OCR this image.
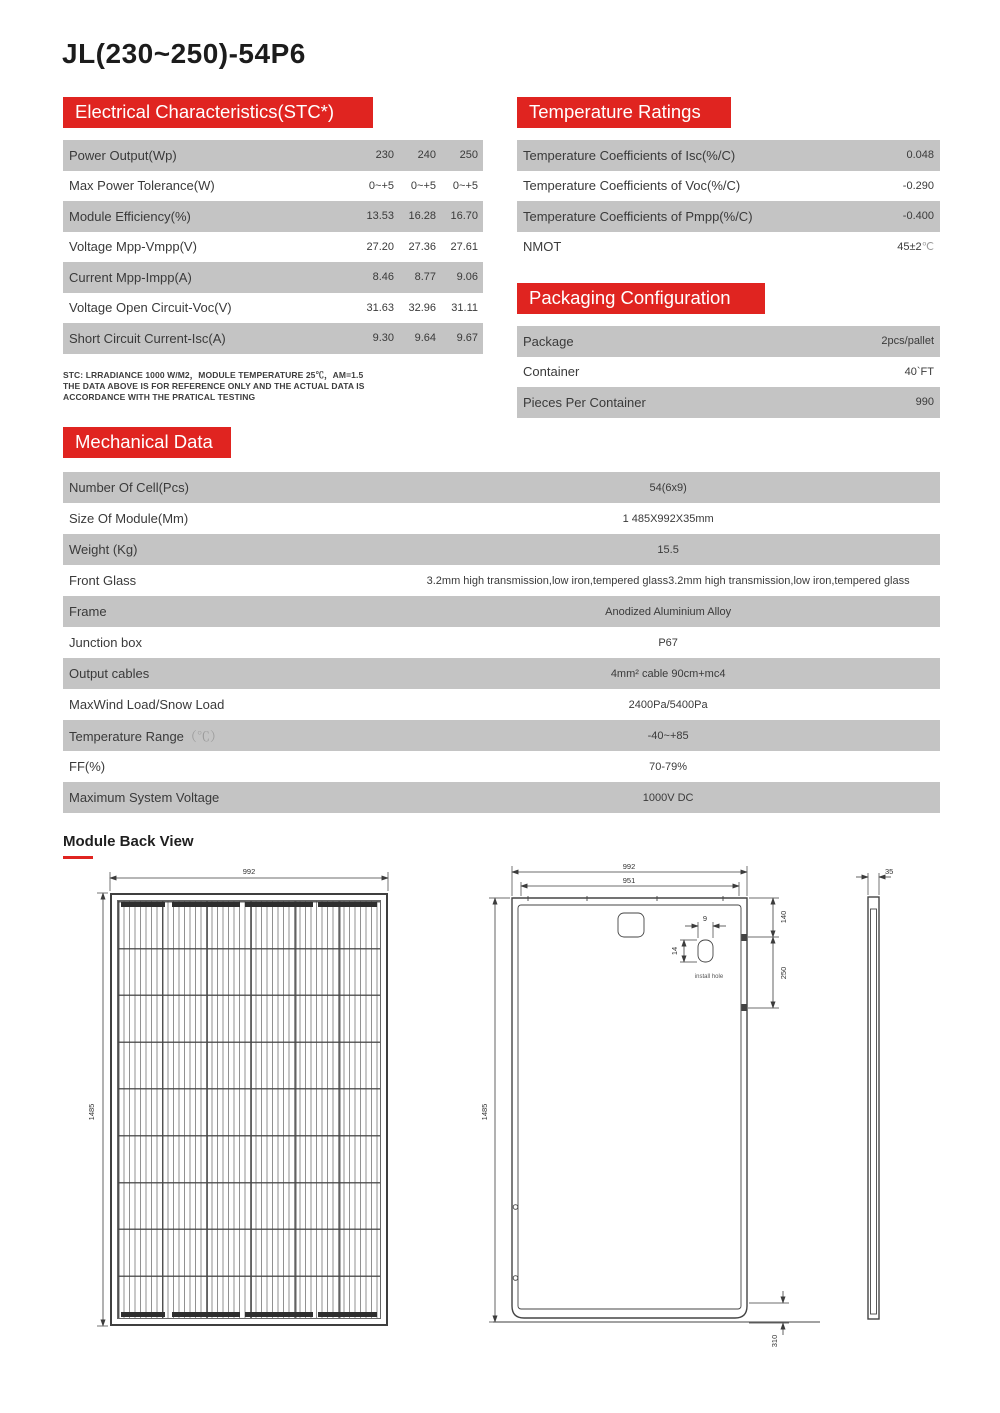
JL(230~250)-54P6
Electrical Characteristics(STC*)	Temperature Ratings
Packaging Configuration
Mechanical Data
Power Output(Wp)	230	240	250
Max Power Tolerance(W)	0~+5	0~+5	0~+5
Module Efficiency(%)	13.53	16.28	16.70
Voltage Mpp-Vmpp(V)	27.20	27.36	27.61
Current Mpp-Impp(A)	8.46	8.77	9.06
Voltage Open Circuit-Voc(V)	31.63	32.96	31.11
Short Circuit Current-Isc(A)	9.30	9.64	9.67
STC: LRRADIANCE 1000 W/M2，MODULE TEMPERATURE 25℃，AM=1.5
THE DATA ABOVE IS FOR REFERENCE ONLY AND THE ACTUAL DATA IS
ACCORDANCE WITH THE PRATICAL TESTING
Temperature Coefficients of Isc(%/C)	0.048
Temperature Coefficients of Voc(%/C)	-0.290
Temperature Coefficients of Pmpp(%/C)	-0.400
NMOT	45±2℃
Package	2pcs/pallet
Container	40`FT
Pieces Per Container	990
Number Of Cell(Pcs)	54(6x9)
Size Of Module(Mm)	1 485X992X35mm
Weight (Kg)	15.5
Front Glass	3.2mm high transmission,low iron,tempered glass3.2mm high transmission,low iron,tempered glass
Frame	Anodized Aluminium Alloy
Junction box	P67
Output cables	4mm² cable 90cm+mc4
MaxWind Load/Snow Load	2400Pa/5400Pa
Temperature Range（℃）	-40~+85
FF(%)	70-79%
Maximum System Voltage	1000V DC
Module Back View
992
1485
992
951
1485
9
14
install hole
140
250
310
35
